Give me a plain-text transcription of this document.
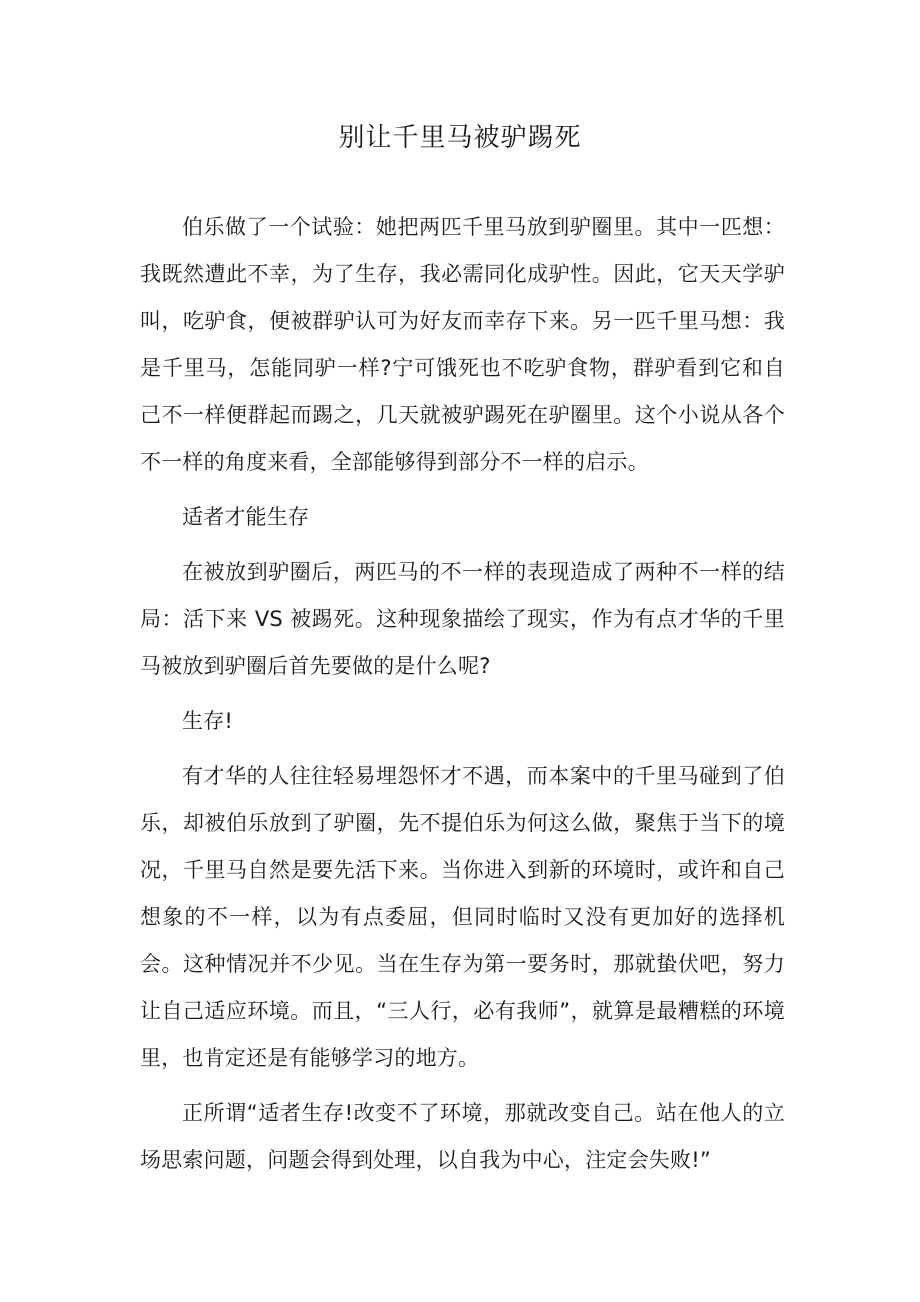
别让千里马被驴踢死

伯乐做了一个试验：她把两匹千里马放到驴圈里。其中一匹想：我既然遭此不幸，为了生存，我必需同化成驴性。因此，它天天学驴叫，吃驴食，便被群驴认可为好友而幸存下来。另一匹千里马想：我是千里马，怎能同驴一样?宁可饿死也不吃驴食物，群驴看到它和自己不一样便群起而踢之，几天就被驴踢死在驴圈里。这个小说从各个不一样的角度来看，全部能够得到部分不一样的启示。

适者才能生存

在被放到驴圈后，两匹马的不一样的表现造成了两种不一样的结局：活下来 VS 被踢死。这种现象描绘了现实，作为有点才华的千里马被放到驴圈后首先要做的是什么呢?

生存!

有才华的人往往轻易埋怨怀才不遇，而本案中的千里马碰到了伯乐，却被伯乐放到了驴圈，先不提伯乐为何这么做，聚焦于当下的境况，千里马自然是要先活下来。当你进入到新的环境时，或许和自己想象的不一样，以为有点委屈，但同时临时又没有更加好的选择机会。这种情况并不少见。当在生存为第一要务时，那就蛰伏吧，努力让自己适应环境。而且，“三人行，必有我师”，就算是最糟糕的环境里，也肯定还是有能够学习的地方。

正所谓“适者生存!改变不了环境，那就改变自己。站在他人的立场思索问题，问题会得到处理，以自我为中心，注定会失败!”
